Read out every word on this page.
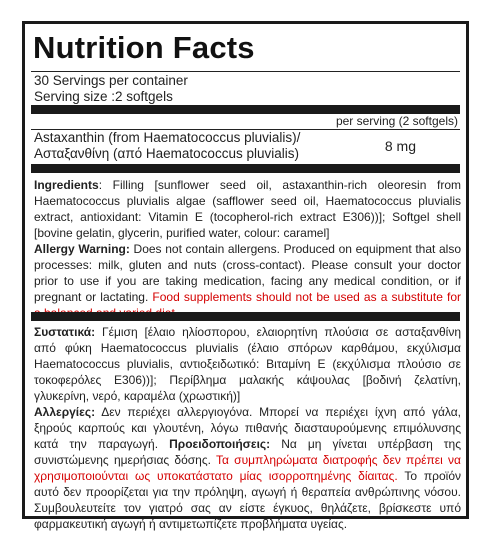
Nutrition Facts
30 Servings per container
Serving size :2 softgels
per serving (2 softgels)
Astaxanthin (from Haematococcus pluvialis)/
Ασταξανθίνη (από Haematococcus pluvialis)	8 mg

Ingredients: Filling [sunflower seed oil, astaxanthin-rich oleoresin from Haematococcus pluvialis algae (safflower seed oil, Haematococcus pluvialis extract, antioxidant: Vitamin E (tocopherol-rich extract E306))]; Softgel shell [bovine gelatin, glycerin, purified water, colour: caramel]
Allergy Warning: Does not contain allergens. Produced on equipment that also processes: milk, gluten and nuts (cross-contact). Please consult your doctor prior to use if you are taking medication, facing any medical condition, or if pregnant or lactating. Food supplements should not be used as a substitute for

Συστατικά: Γέμιση [έλαιο ηλίοσπορου, ελαιορητίνη πλούσια σε ασταξανθίνη από φύκη Haematococcus pluvialis (έλαιο σπόρων καρθάμου, εκχύλισμα Haematococcus pluvialis, αντιοξειδωτικό: Βιταμίνη Ε (εκχύλισμα πλούσιο σε τοκοφερόλες Ε306))]; Περίβλημα μαλακής κάψουλας [βοδινή ζελατίνη, γλυκερίνη, νερό, καραμέλα (χρωστική)]
Αλλεργίες: Δεν περιέχει αλλεργιογόνα. Μπορεί να περιέχει ίχνη από γάλα, ξηρούς καρπούς και γλουτένη, λόγω πιθανής διασταυρούμενης επιμόλυνσης κατά την παραγωγή. Προειδοποιήσεις: Να μη γίνεται υπέρβαση της συνιστώμενης ημερήσιας δόσης. Τα συμπληρώματα διατροφής δεν πρέπει να χρησιμοποιούνται ως υποκατάστατο μίας ισορροπημένης δίαιτας. Το προϊόν αυτό δεν προορίζεται για την πρόληψη, αγωγή ή θεραπεία ανθρώπινης νόσου. Συμβουλευτείτε τον γιατρό σας αν είστε έγκυος, θηλάζετε, βρίσκεστε υπό φαρμακευτική αγωγή ή αντιμετωπίζετε προβλήματα υγείας.
